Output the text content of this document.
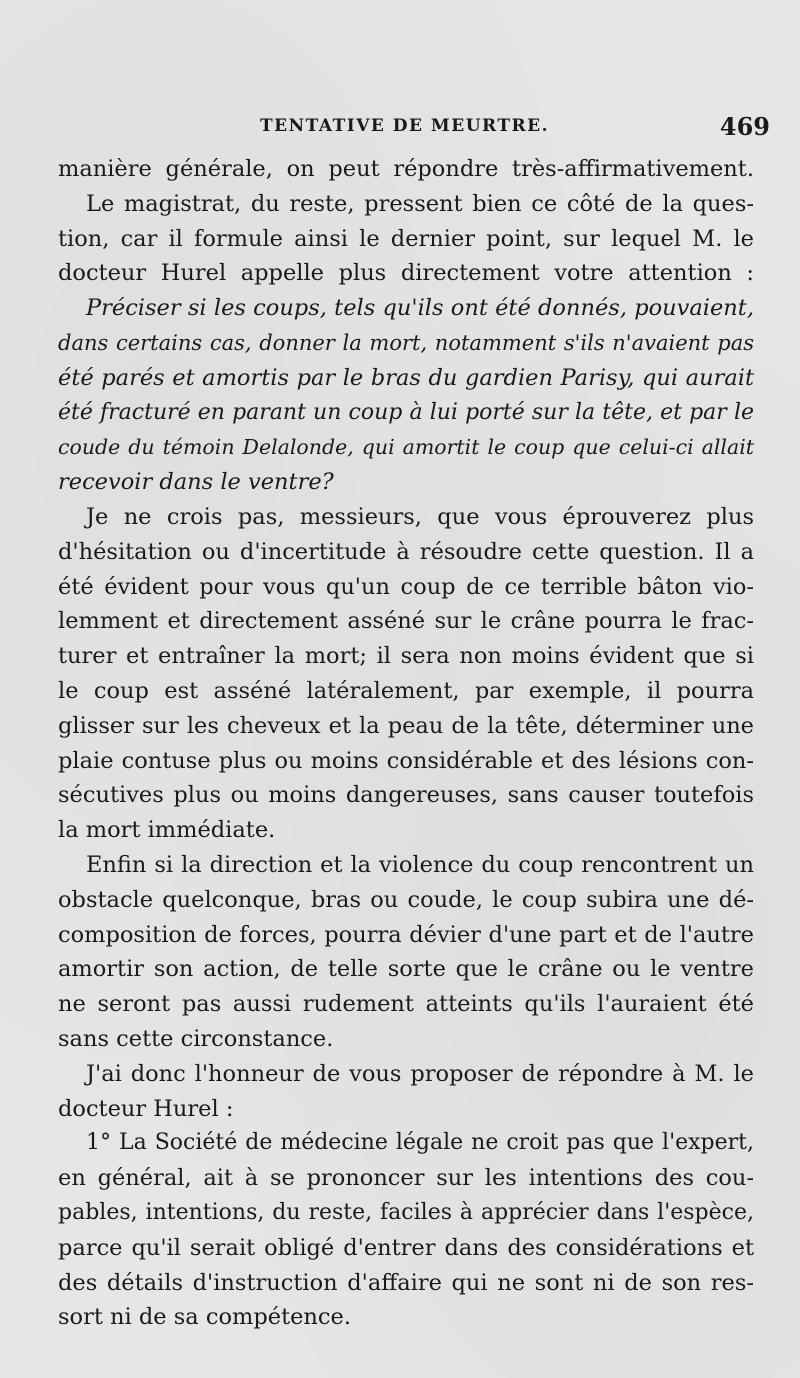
TENTATIVE DE MEURTRE.	469
manière générale, on peut répondre très-affirmativement.
Le magistrat, du reste, pressent bien ce côté de la ques-
tion, car il formule ainsi le dernier point, sur lequel M. le
docteur Hurel appelle plus directement votre attention :
Préciser si les coups, tels qu'ils ont été donnés, pouvaient,
dans certains cas, donner la mort, notamment s'ils n'avaient pas
été parés et amortis par le bras du gardien Parisy, qui aurait
été fracturé en parant un coup à lui porté sur la tête, et par le
coude du témoin Delalonde, qui amortit le coup que celui-ci allait
recevoir dans le ventre?
Je ne crois pas, messieurs, que vous éprouverez plus
d'hésitation ou d'incertitude à résoudre cette question. Il a
été évident pour vous qu'un coup de ce terrible bâton vio-
lemment et directement asséné sur le crâne pourra le frac-
turer et entraîner la mort; il sera non moins évident que si
le coup est asséné latéralement, par exemple, il pourra
glisser sur les cheveux et la peau de la tête, déterminer une
plaie contuse plus ou moins considérable et des lésions con-
sécutives plus ou moins dangereuses, sans causer toutefois
la mort immédiate.
Enfin si la direction et la violence du coup rencontrent un
obstacle quelconque, bras ou coude, le coup subira une dé-
composition de forces, pourra dévier d'une part et de l'autre
amortir son action, de telle sorte que le crâne ou le ventre
ne seront pas aussi rudement atteints qu'ils l'auraient été
sans cette circonstance.
J'ai donc l'honneur de vous proposer de répondre à M. le
docteur Hurel :
1° La Société de médecine légale ne croit pas que l'expert,
en général, ait à se prononcer sur les intentions des cou-
pables, intentions, du reste, faciles à apprécier dans l'espèce,
parce qu'il serait obligé d'entrer dans des considérations et
des détails d'instruction d'affaire qui ne sont ni de son res-
sort ni de sa compétence.
